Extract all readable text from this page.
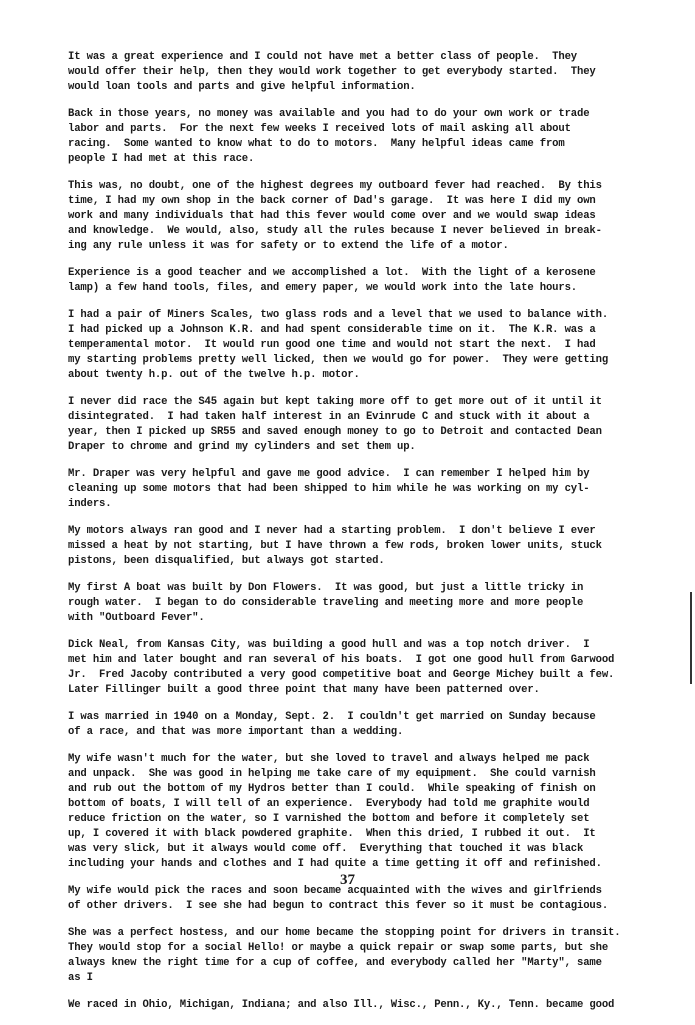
It was a great experience and I could not have met a better class of people.  They
would offer their help, then they would work together to get everybody started.  They
would loan tools and parts and give helpful information.
Back in those years, no money was available and you had to do your own work or trade
labor and parts.  For the next few weeks I received lots of mail asking all about
racing.  Some wanted to know what to do to motors.  Many helpful ideas came from
people I had met at this race.
This was, no doubt, one of the highest degrees my outboard fever had reached.  By this
time, I had my own shop in the back corner of Dad's garage.  It was here I did my own
work and many individuals that had this fever would come over and we would swap ideas
and knowledge.  We would, also, study all the rules because I never believed in break-
ing any rule unless it was for safety or to extend the life of a motor.
Experience is a good teacher and we accomplished a lot.  With the light of a kerosene
lamp) a few hand tools, files, and emery paper, we would work into the late hours.
I had a pair of Miners Scales, two glass rods and a level that we used to balance with.
I had picked up a Johnson K.R. and had spent considerable time on it.  The K.R. was a
temperamental motor.  It would run good one time and would not start the next.  I had
my starting problems pretty well licked, then we would go for power.  They were getting
about twenty h.p. out of the twelve h.p. motor.
I never did race the S45 again but kept taking more off to get more out of it until it
disintegrated.  I had taken half interest in an Evinrude C and stuck with it about a
year, then I picked up SR55 and saved enough money to go to Detroit and contacted Dean
Draper to chrome and grind my cylinders and set them up.
Mr. Draper was very helpful and gave me good advice.  I can remember I helped him by
cleaning up some motors that had been shipped to him while he was working on my cyl-
inders.
My motors always ran good and I never had a starting problem.  I don't believe I ever
missed a heat by not starting, but I have thrown a few rods, broken lower units, stuck
pistons, been disqualified, but always got started.
My first A boat was built by Don Flowers.  It was good, but just a little tricky in
rough water.  I began to do considerable traveling and meeting more and more people
with "Outboard Fever".
Dick Neal, from Kansas City, was building a good hull and was a top notch driver.  I
met him and later bought and ran several of his boats.  I got one good hull from Garwood
Jr.  Fred Jacoby contributed a very good competitive boat and George Michey built a few.
Later Fillinger built a good three point that many have been patterned over.
I was married in 1940 on a Monday, Sept. 2.  I couldn't get married on Sunday because
of a race, and that was more important than a wedding.
My wife wasn't much for the water, but she loved to travel and always helped me pack
and unpack.  She was good in helping me take care of my equipment.  She could varnish
and rub out the bottom of my Hydros better than I could.  While speaking of finish on
bottom of boats, I will tell of an experience.  Everybody had told me graphite would
reduce friction on the water, so I varnished the bottom and before it completely set
up, I covered it with black powdered graphite.  When this dried, I rubbed it out.  It
was very slick, but it always would come off.  Everything that touched it was black
including your hands and clothes and I had quite a time getting it off and refinished.
My wife would pick the races and soon became acquainted with the wives and girlfriends
of other drivers.  I see she had begun to contract this fever so it must be contagious.
She was a perfect hostess, and our home became the stopping point for drivers in transit.
They would stop for a social Hello! or maybe a quick repair or swap some parts, but she
always knew the right time for a cup of coffee, and everybody called her "Marty", same
as I
We raced in Ohio, Michigan, Indiana; and also Ill., Wisc., Penn., Ky., Tenn. became good
37
